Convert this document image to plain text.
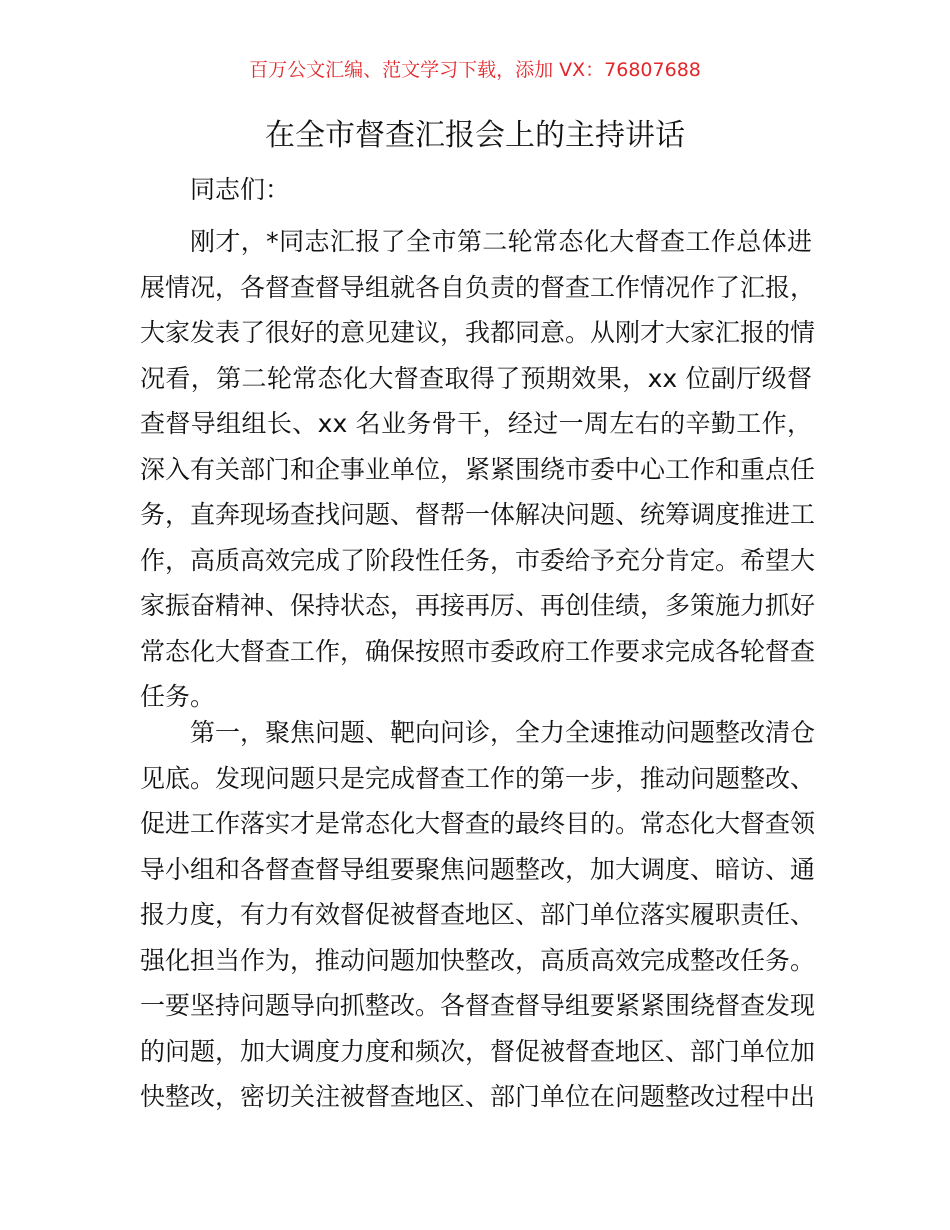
百万公文汇编、范文学习下载，添加 VX：76807688
在全市督查汇报会上的主持讲话
同志们：
刚才，*同志汇报了全市第二轮常态化大督查工作总体进
展情况，各督查督导组就各自负责的督查工作情况作了汇报，
大家发表了很好的意见建议，我都同意。从刚才大家汇报的情
况看，第二轮常态化大督查取得了预期效果，xx 位副厅级督
查督导组组长、xx 名业务骨干，经过一周左右的辛勤工作，
深入有关部门和企事业单位，紧紧围绕市委中心工作和重点任
务，直奔现场查找问题、督帮一体解决问题、统筹调度推进工
作，高质高效完成了阶段性任务，市委给予充分肯定。希望大
家振奋精神、保持状态，再接再厉、再创佳绩，多策施力抓好
常态化大督查工作，确保按照市委政府工作要求完成各轮督查
任务。
第一，聚焦问题、靶向问诊，全力全速推动问题整改清仓
见底。发现问题只是完成督查工作的第一步，推动问题整改、
促进工作落实才是常态化大督查的最终目的。常态化大督查领
导小组和各督查督导组要聚焦问题整改，加大调度、暗访、通
报力度，有力有效督促被督查地区、部门单位落实履职责任、
强化担当作为，推动问题加快整改，高质高效完成整改任务。
一要坚持问题导向抓整改。各督查督导组要紧紧围绕督查发现
的问题，加大调度力度和频次，督促被督查地区、部门单位加
快整改，密切关注被督查地区、部门单位在问题整改过程中出
